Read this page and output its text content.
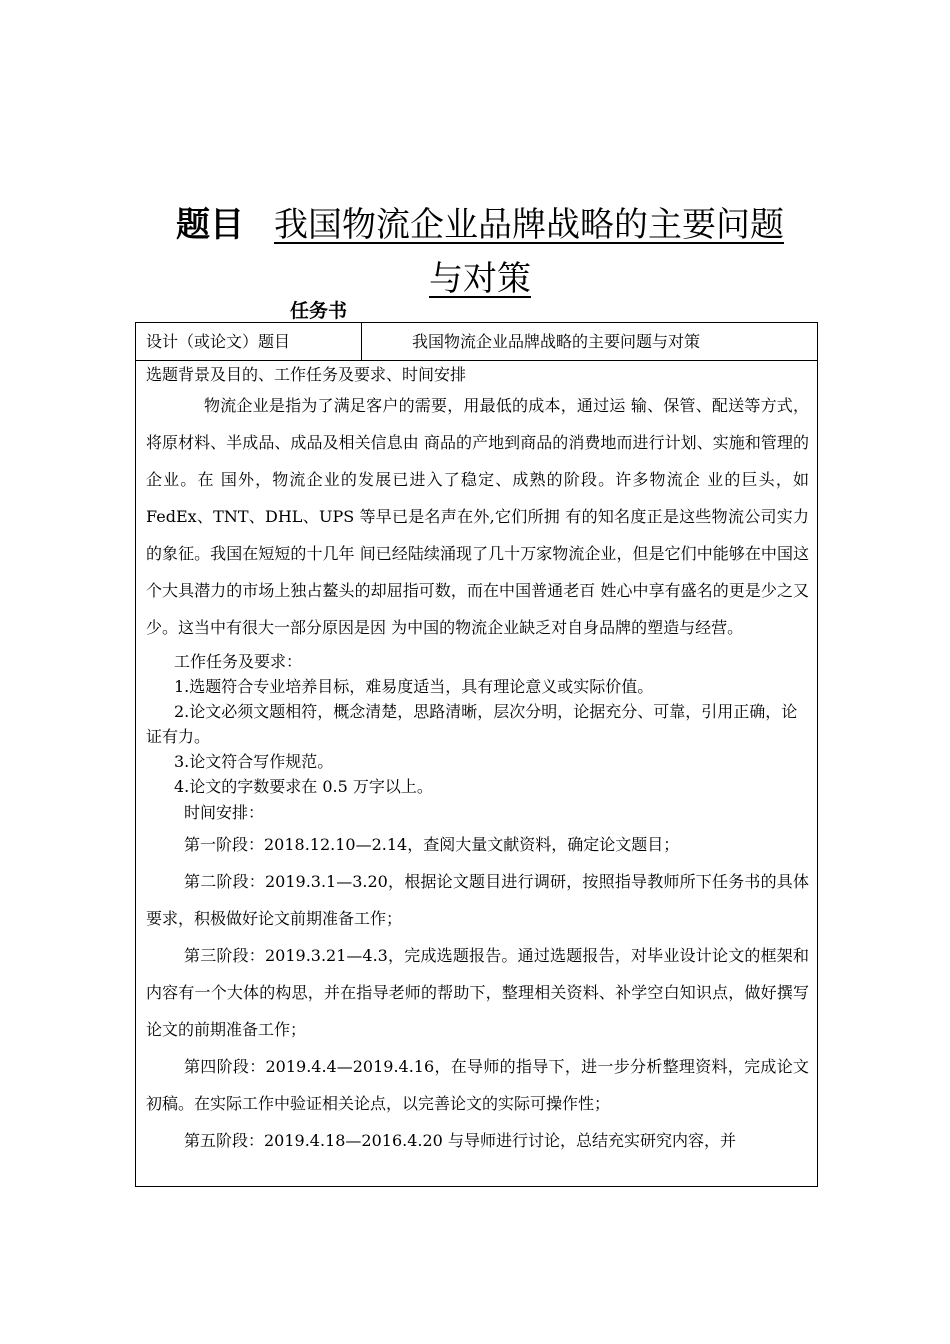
题目 我国物流企业品牌战略的主要问题
与对策
任务书
设计（或论文）题目	我国物流企业品牌战略的主要问题与对策
选题背景及目的、工作任务及要求、时间安排

物流企业是指为了满足客户的需要，用最低的成本，通过运 输、保管、配送等方式，将原材料、半成品、成品及相关信息由 商品的产地到商品的消费地而进行计划、实施和管理的企业。在 国外，物流企业的发展已进入了稳定、成熟的阶段。许多物流企 业的巨头，如 FedEx、TNT、DHL、UPS 等早已是名声在外,它们所拥 有的知名度正是这些物流公司实力的象征。我国在短短的十几年 间已经陆续涌现了几十万家物流企业，但是它们中能够在中国这 个大具潜力的市场上独占鳌头的却屈指可数，而在中国普通老百 姓心中享有盛名的更是少之又少。这当中有很大一部分原因是因 为中国的物流企业缺乏对自身品牌的塑造与经营。

工作任务及要求：

1.选题符合专业培养目标，难易度适当，具有理论意义或实际价值。

2.论文必须文题相符，概念清楚，思路清晰，层次分明，论据充分、可靠，引用正确，论证有力。

3.论文符合写作规范。

4.论文的字数要求在 0.5 万字以上。

时间安排：

第一阶段：2018.12.10—2.14，查阅大量文献资料，确定论文题目；

第二阶段：2019.3.1—3.20，根据论文题目进行调研，按照指导教师所下任务书的具体要求，积极做好论文前期准备工作；

第三阶段：2019.3.21—4.3，完成选题报告。通过选题报告，对毕业设计论文的框架和内容有一个大体的构思，并在指导老师的帮助下，整理相关资料、补学空白知识点，做好撰写论文的前期准备工作；

第四阶段：2019.4.4—2019.4.16，在导师的指导下，进一步分析整理资料，完成论文初稿。在实际工作中验证相关论点，以完善论文的实际可操作性；

第五阶段：2019.4.18—2016.4.20 与导师进行讨论，总结充实研究内容，并
